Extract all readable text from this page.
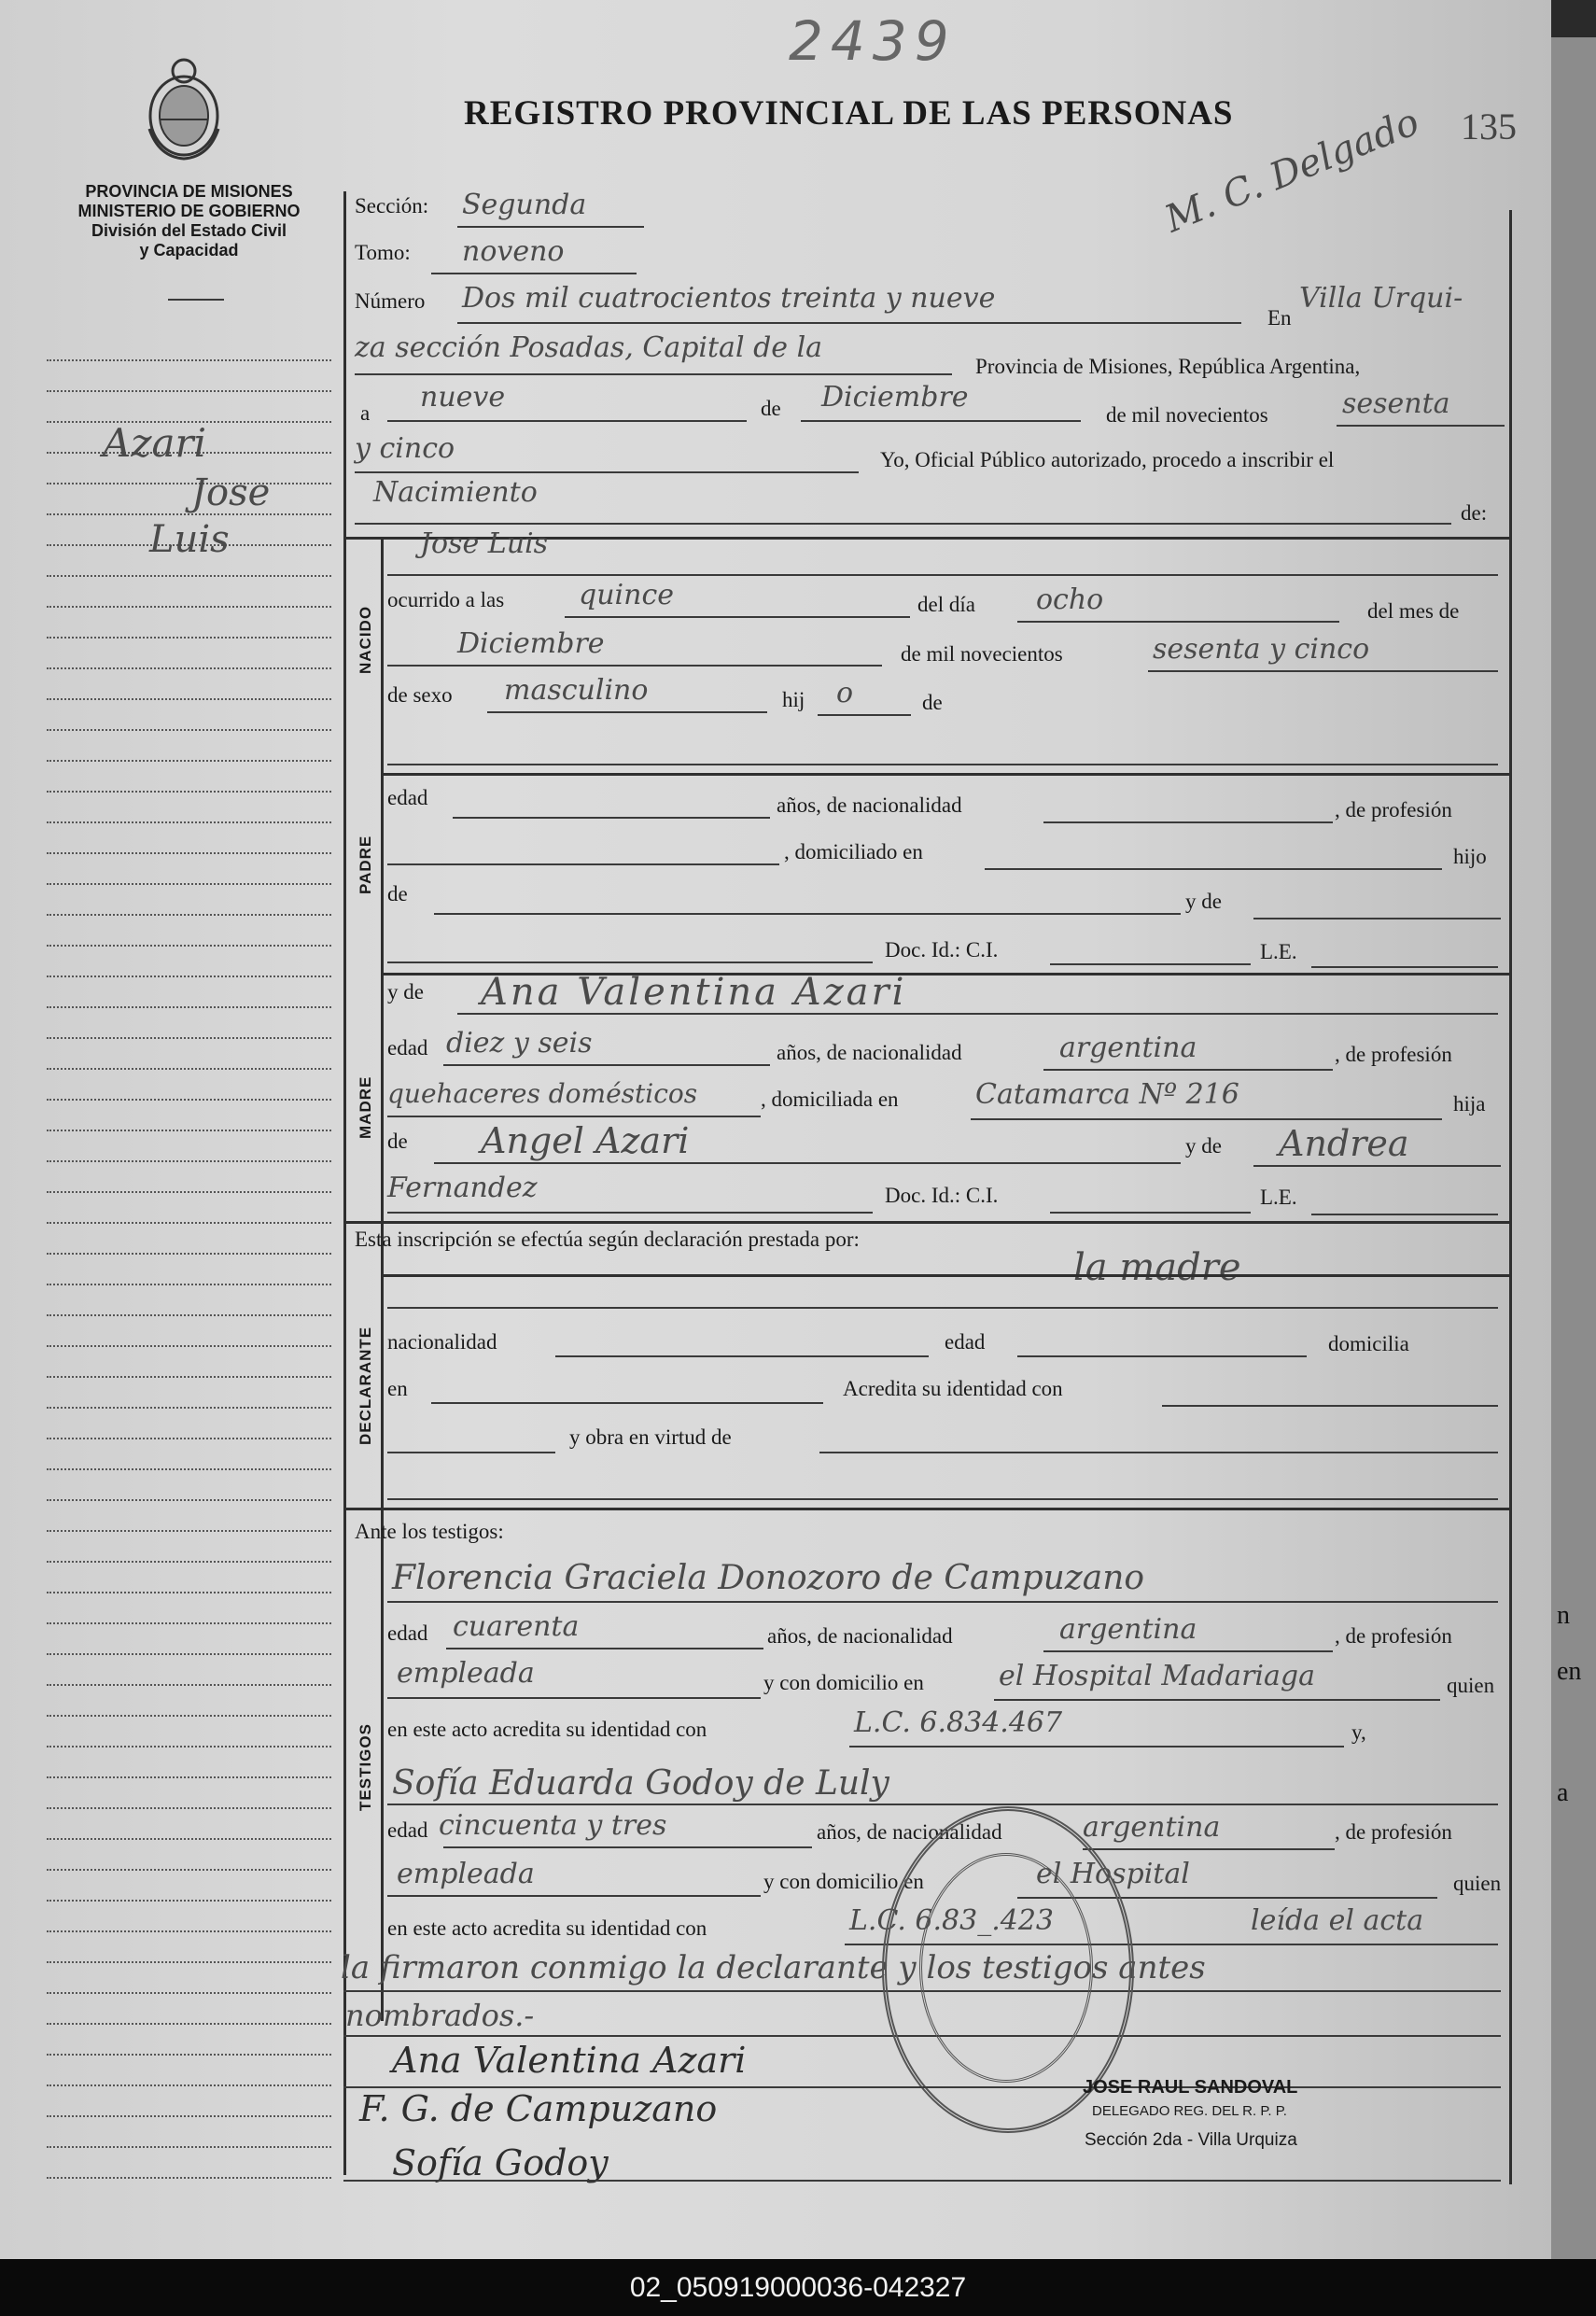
2439
REGISTRO PROVINCIAL DE LAS PERSONAS	135
M. C. Delgado
PROVINCIA DE MISIONES
MINISTERIO DE GOBIERNO
División del Estado Civil
y Capacidad
Azari
Jose
Luis
Sección: Segunda
Tomo: noveno
Número Dos mil cuatrocientos treinta y nueve
En
Villa Urqui-
za sección Posadas, Capital de la
Provincia de Misiones, República Argentina,
a nueve	de Diciembre
de mil novecientos	sesenta
y cinco	Yo, Oficial Público autorizado, procedo a inscribir el
Nacimiento
de:
NACIDO
Jose Luis
ocurrido a las	quince	del día ocho	del mes de
Diciembre	de mil novecientos	sesenta y cinco
de sexo masculino	hij o	de
PADRE
edad	años, de nacionalidad	, de profesión
, domiciliado en	hijo
de	y de
Doc. Id.: C.I.	L.E.
MADRE
y de Ana Valentina Azari
edad diez y seis	años, de nacionalidad	argentina	, de profesión
quehaceres domésticos	, domiciliada en	Catamarca Nº 216	hija
de Angel Azari	y de Andrea
Fernandez	Doc. Id.: C.I.	L.E.
Esta inscripción se efectúa según declaración prestada por:
la madre
DECLARANTE nacionalidad	edad	domicilia
en	Acredita su identidad con
y obra en virtud de
Ante los testigos:
Florencia Graciela Donozoro de Campuzano
TESTIGOS
edad cuarenta	años, de nacionalidad	argentina	, de profesión
empleada	y con domicilio en	el Hospital Madariaga	quien
en este acto acredita su identidad con	L.C. 6.834.467	y,
Sofía Eduarda Godoy de Luly
edad cincuenta y tres	años, de nacionalidad	argentina	, de profesión
empleada	y con domicilio en	el Hospital	quien
en este acto acredita su identidad con	L.C. 6.83_.423	leída el acta
la firmaron conmigo la declarante y los testigos antes
nombrados.-
Ana Valentina Azari
F. G. de Campuzano
Sofía Godoy
JOSE RAUL SANDOVAL
DELEGADO REG. DEL R. P. P.
Sección 2da - Villa Urquiza
n
en
a
02_050919000036-042327
